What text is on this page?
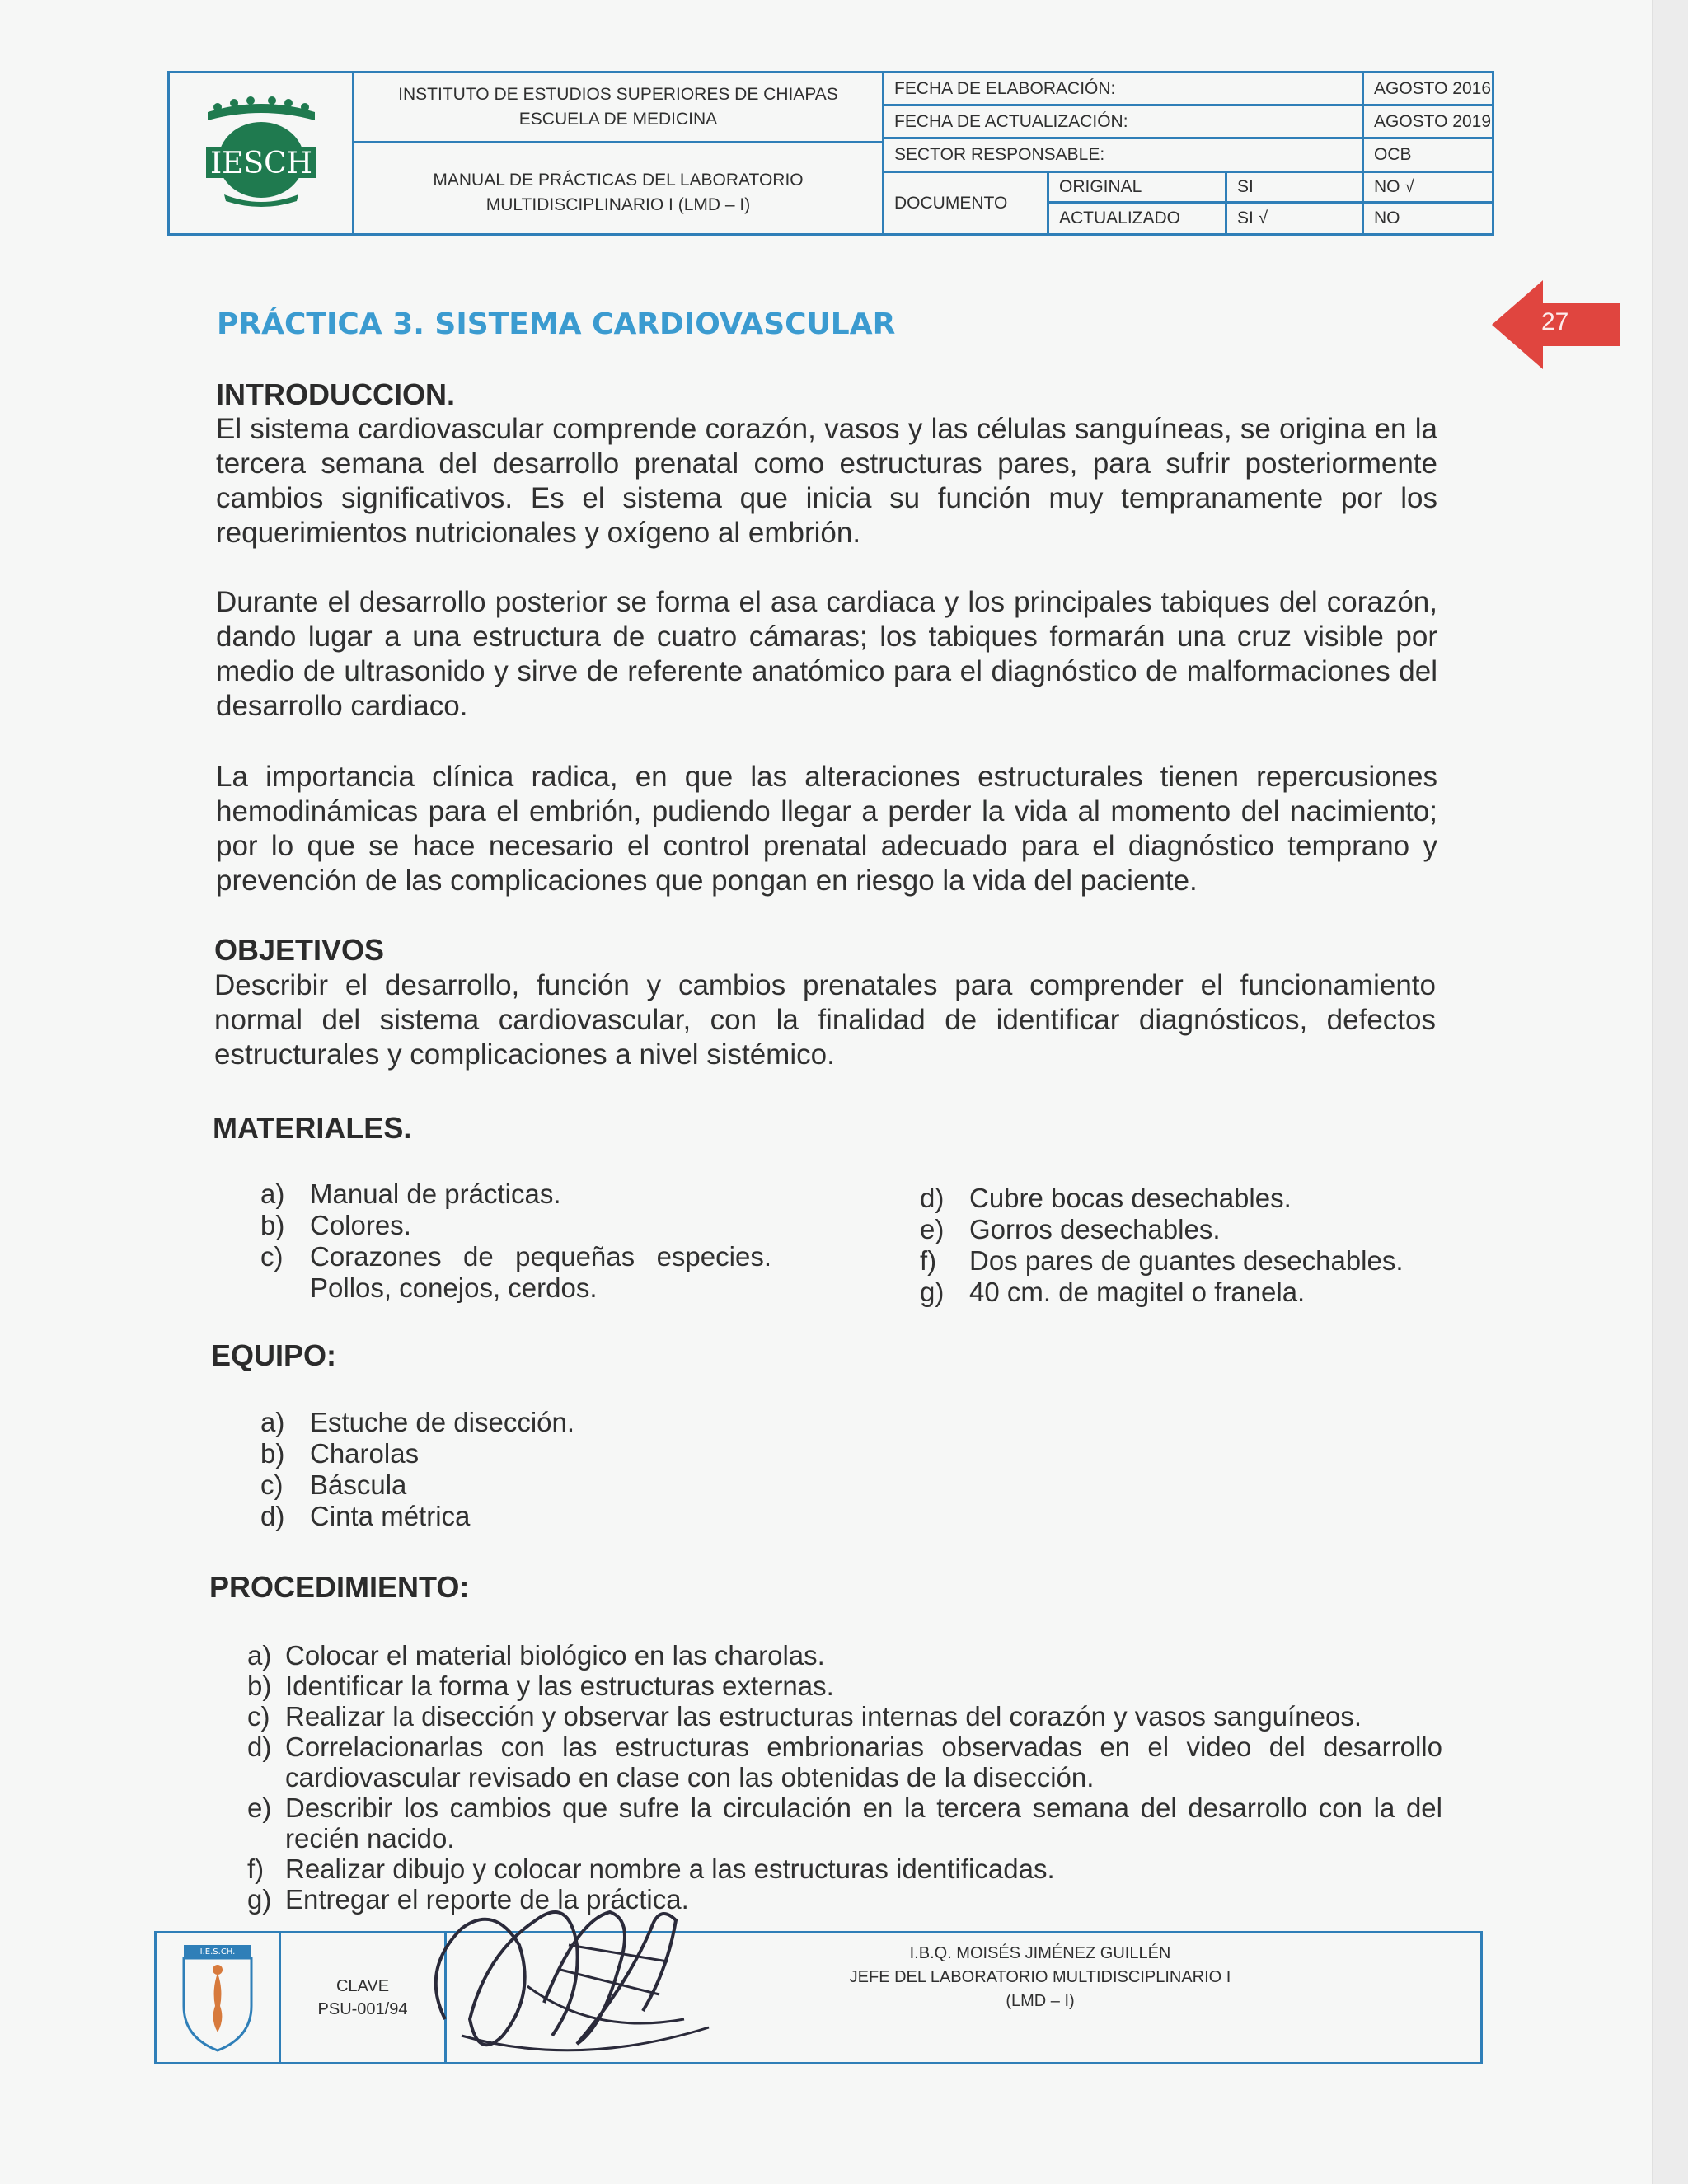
IESCH
INSTITUTO DE ESTUDIOS SUPERIORES DE CHIAPAS
ESCUELA DE MEDICINA
MANUAL DE PRÁCTICAS DEL LABORATORIO
MULTIDISCIPLINARIO I (LMD – I)
FECHA DE ELABORACIÓN:	AGOSTO 2016
FECHA DE ACTUALIZACIÓN:	AGOSTO 2019
SECTOR RESPONSABLE:	OCB
DOCUMENTO
ORIGINAL	SI	NO √
ACTUALIZADO	SI √	NO
27
PRÁCTICA 3. SISTEMA CARDIOVASCULAR
INTRODUCCION.

El sistema cardiovascular comprende corazón, vasos y las células sanguíneas, se origina en la tercera semana del desarrollo prenatal como estructuras pares, para sufrir posteriormente cambios significativos. Es el sistema que inicia su función muy tempranamente por los requerimientos nutricionales y oxígeno al embrión.

Durante el desarrollo posterior se forma el asa cardiaca y los principales tabiques del corazón, dando lugar a una estructura de cuatro cámaras; los tabiques formarán una cruz visible por medio de ultrasonido y sirve de referente anatómico para el diagnóstico de malformaciones del desarrollo cardiaco.

La importancia clínica radica, en que las alteraciones estructurales tienen repercusiones hemodinámicas para el embrión, pudiendo llegar a perder la vida al momento del nacimiento; por lo que se hace necesario el control prenatal adecuado para el diagnóstico temprano y prevención de las complicaciones que pongan en riesgo la vida del paciente.

OBJETIVOS

Describir el desarrollo, función y cambios prenatales para comprender el funcionamiento normal del sistema cardiovascular, con la finalidad de identificar diagnósticos, defectos estructurales y complicaciones a nivel sistémico.

MATERIALES.
a) Manual de prácticas.
b) Colores.
c) Corazones de pequeñas especies. Pollos, conejos, cerdos.
d) Cubre bocas desechables.
e) Gorros desechables.
f)	Dos pares de guantes desechables.
g) 40 cm. de magitel o franela.
EQUIPO:
a) Estuche de disección.
b) Charolas
c) Báscula
d) Cinta métrica
PROCEDIMIENTO:
a) Colocar el material biológico en las charolas.
b) Identificar la forma y las estructuras externas.
c) Realizar la disección y observar las estructuras internas del corazón y vasos sanguíneos.
d) Correlacionarlas con las estructuras embrionarias observadas en el video del desarrollo cardiovascular revisado en clase con las obtenidas de la disección.
e) Describir los cambios que sufre la circulación en la tercera semana del desarrollo con la del recién nacido.
f) Realizar dibujo y colocar nombre a las estructuras identificadas.
g) Entregar el reporte de la práctica.
I.E.S.CH.
CLAVE
PSU-001/94
I.B.Q. MOISÉS JIMÉNEZ GUILLÉN
JEFE DEL LABORATORIO MULTIDISCIPLINARIO I
(LMD – I)
